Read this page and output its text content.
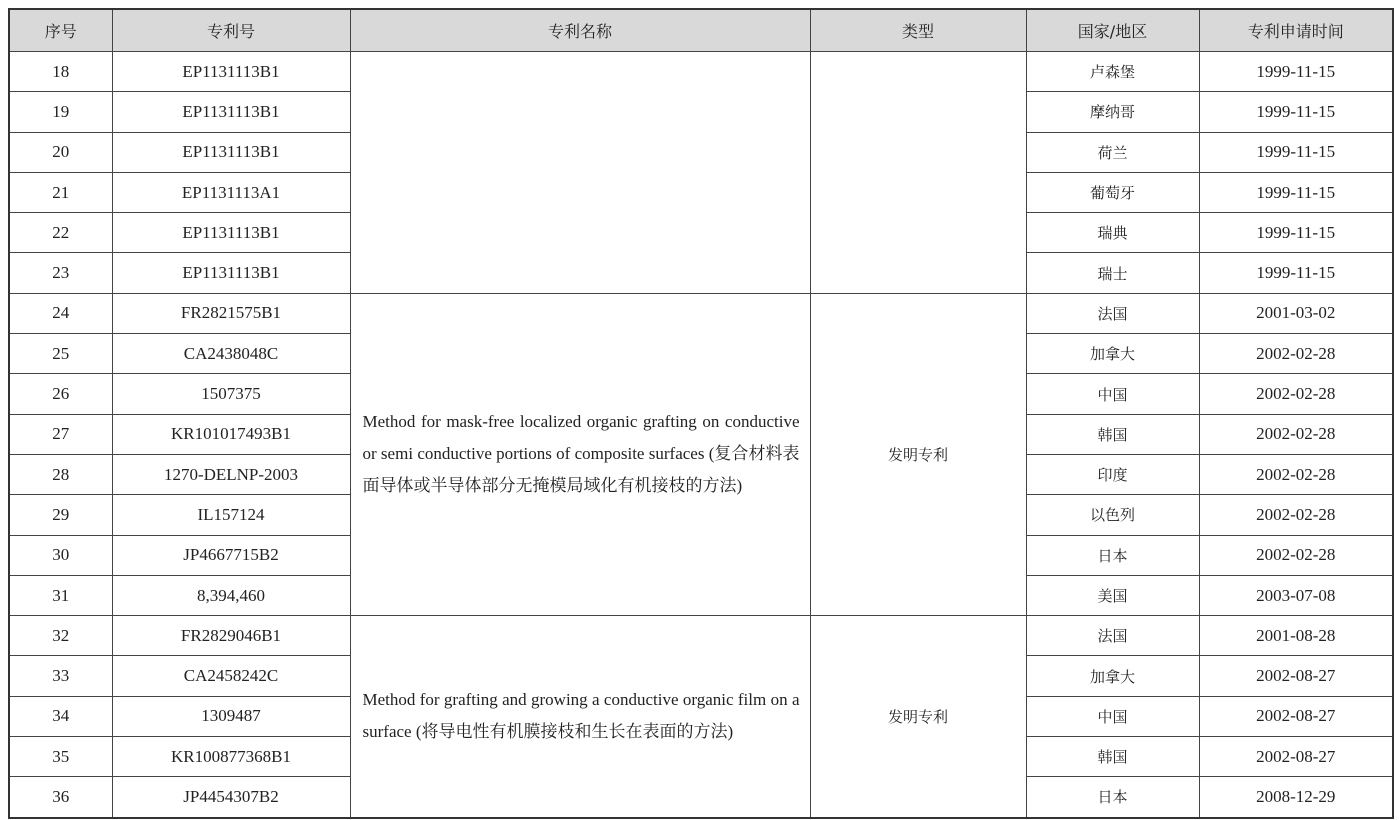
序号	专利号	专利名称	类型	国家/地区	专利申请时间
18	EP1131113B1			卢森堡	1999-11-15
19	EP1131113B1			摩纳哥	1999-11-15
20	EP1131113B1			荷兰	1999-11-15
21	EP1131113A1			葡萄牙	1999-11-15
22	EP1131113B1			瑞典	1999-11-15
23	EP1131113B1			瑞士	1999-11-15
24	FR2821575B1	Method for mask-free localized organic grafting on conductive or semi conductive portions of composite surfaces (复合材料表面导体或半导体部分无掩模局域化有机接枝的方法)	发明专利	法国	2001-03-02
25	CA2438048C			加拿大	2002-02-28
26	1507375			中国	2002-02-28
27	KR101017493B1			韩国	2002-02-28
28	1270-DELNP-2003			印度	2002-02-28
29	IL157124			以色列	2002-02-28
30	JP4667715B2			日本	2002-02-28
31	8,394,460			美国	2003-07-08
32	FR2829046B1	Method for grafting and growing a conductive organic film on a surface (将导电性有机膜接枝和生长在表面的方法)	发明专利	法国	2001-08-28
33	CA2458242C			加拿大	2002-08-27
34	1309487			中国	2002-08-27
35	KR100877368B1			韩国	2002-08-27
36	JP4454307B2			日本	2008-12-29
